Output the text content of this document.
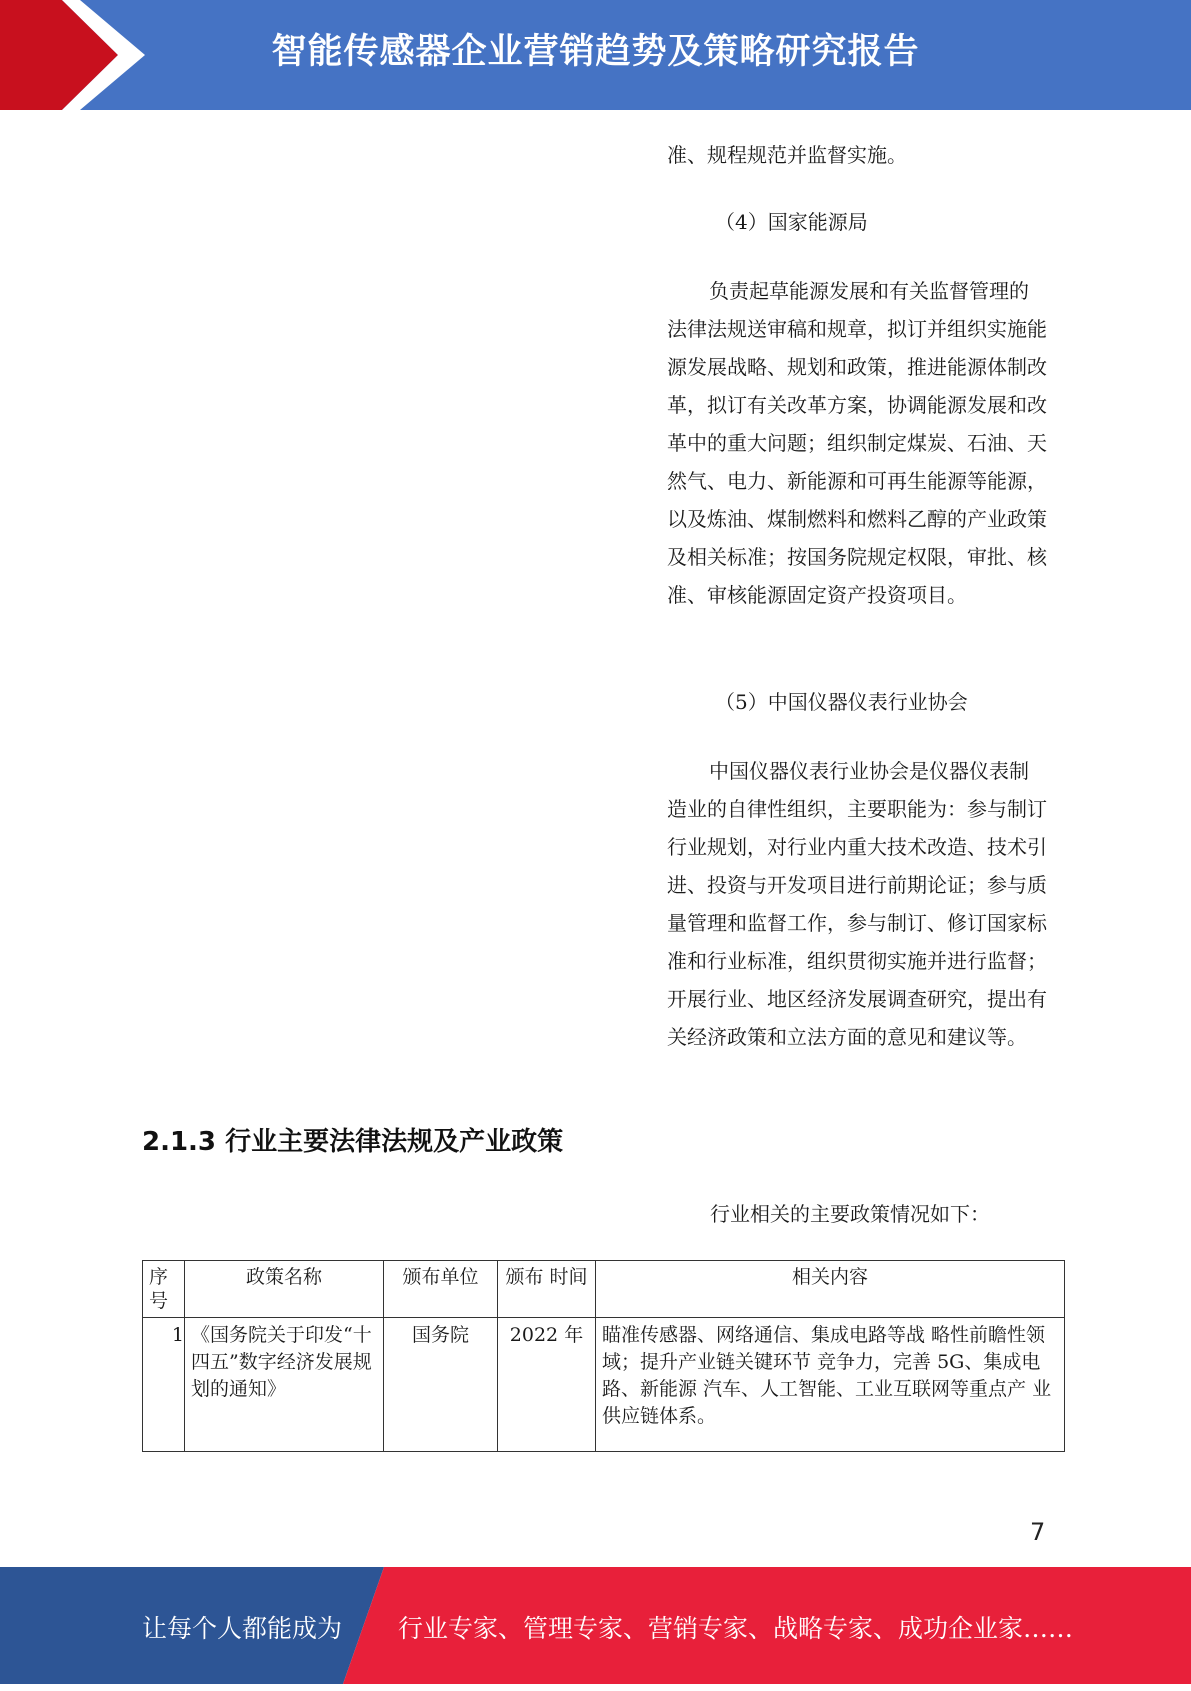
智能传感器企业营销趋势及策略研究报告

准、规程规范并监督实施。

（4）国家能源局

负责起草能源发展和有关监督管理的法律法规送审稿和规章，拟订并组织实施能源发展战略、规划和政策，推进能源体制改革，拟订有关改革方案，协调能源发展和改革中的重大问题；组织制定煤炭、石油、天然气、电力、新能源和可再生能源等能源，以及炼油、煤制燃料和燃料乙醇的产业政策及相关标准；按国务院规定权限，审批、核准、审核能源固定资产投资项目。

（5）中国仪器仪表行业协会

中国仪器仪表行业协会是仪器仪表制造业的自律性组织，主要职能为：参与制订行业规划，对行业内重大技术改造、技术引进、投资与开发项目进行前期论证；参与质量管理和监督工作，参与制订、修订国家标准和行业标准，组织贯彻实施并进行监督；开展行业、地区经济发展调查研究，提出有关经济政策和立法方面的意见和建议等。

2.1.3 行业主要法律法规及产业政策
行业相关的主要政策情况如下：
序号	政策名称	颁布单位	颁布 时间	相关内容
1	《国务院关于印发“十四五”数字经济发展规划的通知》	国务院	2022 年	瞄准传感器、网络通信、集成电路等战 略性前瞻性领域；提升产业链关键环节 竞争力，完善 5G、集成电路、新能源 汽车、人工智能、工业互联网等重点产 业供应链体系。
7
让每个人都能成为 行业专家、管理专家、营销专家、战略专家、成功企业家……
